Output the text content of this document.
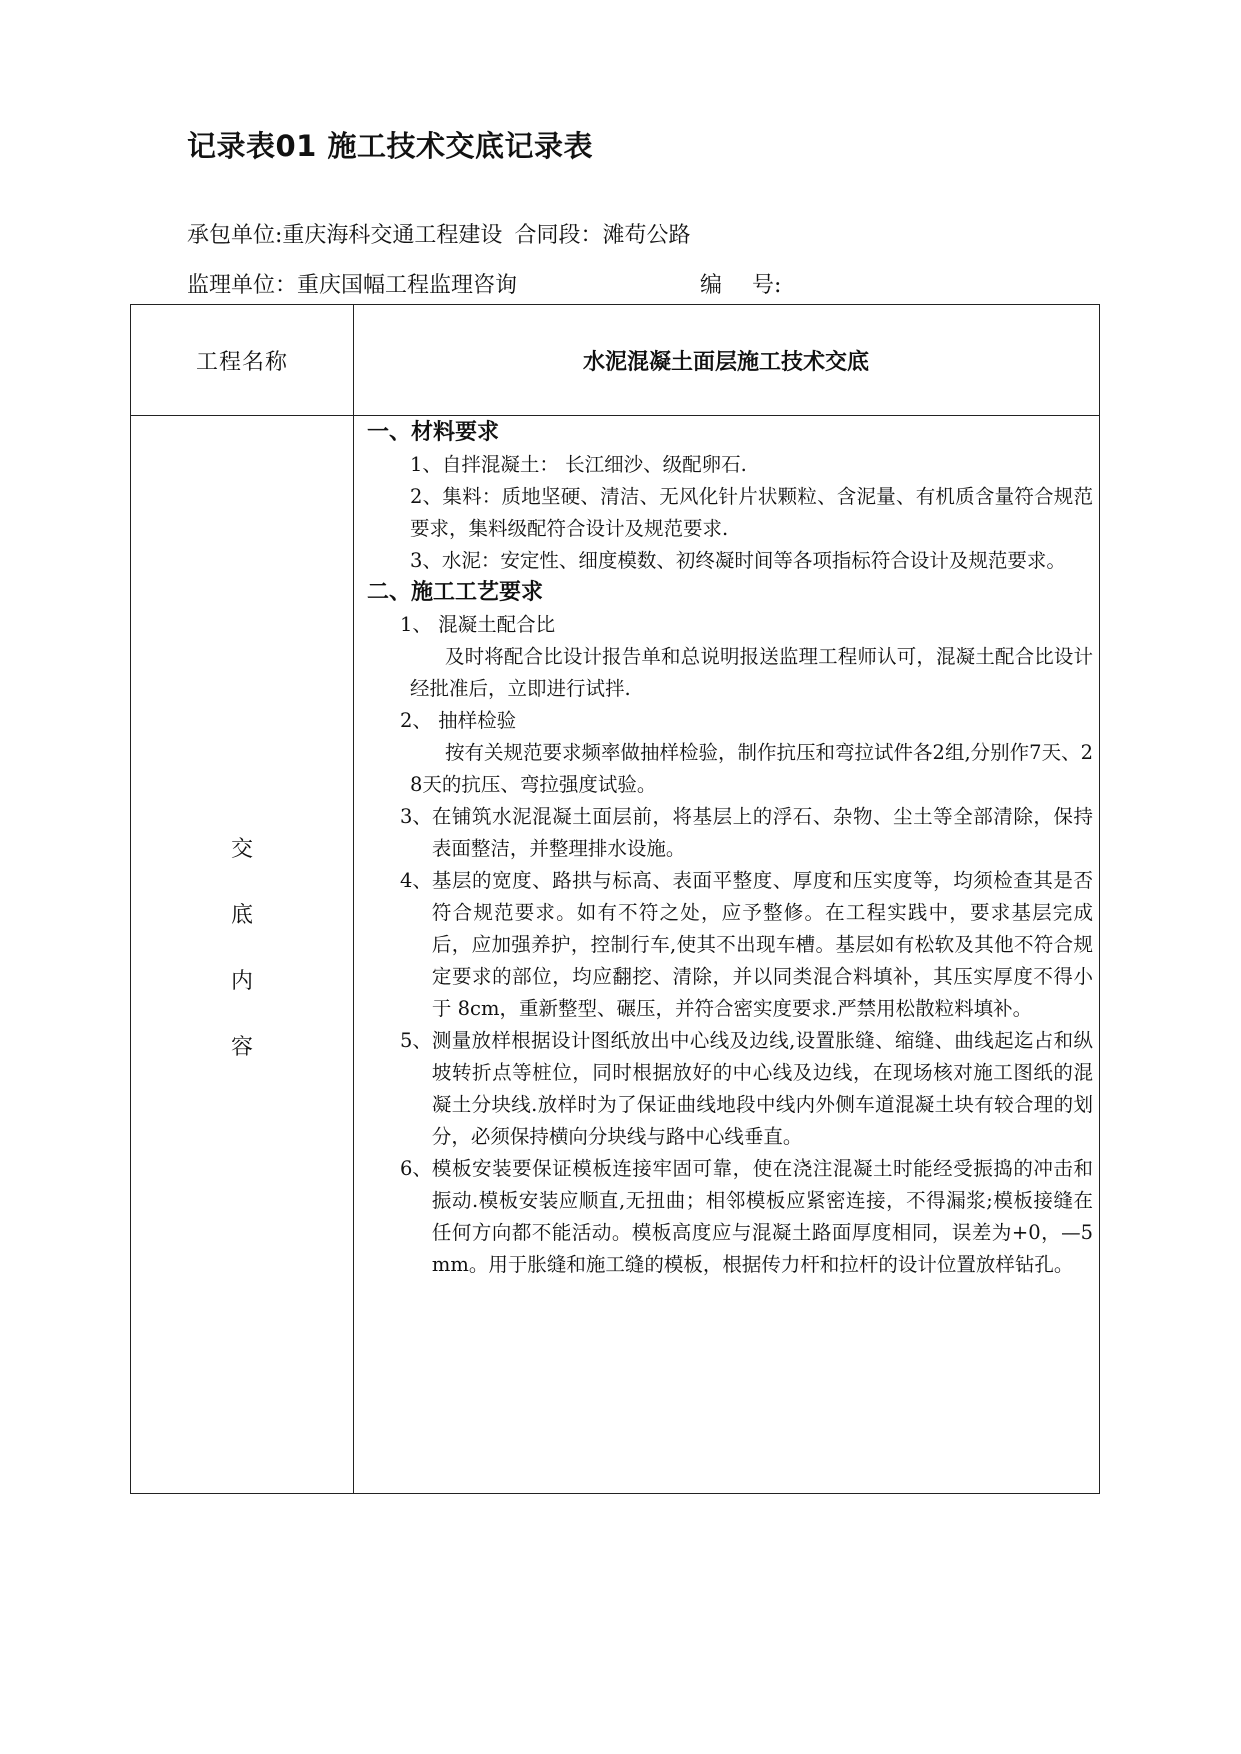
记录表01 施工技术交底记录表
承包单位:重庆海科交通工程建设 合同段：滩苟公路
监理单位：重庆国幅工程监理咨询	编 号:
工程名称	水泥混凝土面层施工技术交底
交
底
内
容
一、材料要求
1、自拌混凝土： 长江细沙、级配卵石.
2、集料：质地坚硬、清洁、无风化针片状颗粒、含泥量、有机质含量符合规范要求，集料级配符合设计及规范要求.
3、水泥：安定性、细度模数、初终凝时间等各项指标符合设计及规范要求。
二、施工工艺要求
1、 混凝土配合比
及时将配合比设计报告单和总说明报送监理工程师认可，混凝土配合比设计经批准后，立即进行试拌.
2、 抽样检验
按有关规范要求频率做抽样检验，制作抗压和弯拉试件各2组,分别作7天、28天的抗压、弯拉强度试验。
3、 在铺筑水泥混凝土面层前，将基层上的浮石、杂物、尘土等全部清除，保持表面整洁，并整理排水设施。
4、 基层的宽度、路拱与标高、表面平整度、厚度和压实度等，均须检查其是否符合规范要求。如有不符之处，应予整修。在工程实践中，要求基层完成后，应加强养护，控制行车,使其不出现车槽。基层如有松软及其他不符合规定要求的部位，均应翻挖、清除，并以同类混合料填补，其压实厚度不得小于 8cm，重新整型、碾压，并符合密实度要求.严禁用松散粒料填补。
5、 测量放样根据设计图纸放出中心线及边线,设置胀缝、缩缝、曲线起迄占和纵坡转折点等桩位，同时根据放好的中心线及边线，在现场核对施工图纸的混凝土分块线.放样时为了保证曲线地段中线内外侧车道混凝土块有较合理的划分，必须保持横向分块线与路中心线垂直。
6、 模板安装要保证模板连接牢固可靠，使在浇注混凝土时能经受振捣的冲击和振动.模板安装应顺直,无扭曲；相邻模板应紧密连接，不得漏浆;模板接缝在任何方向都不能活动。模板高度应与混凝土路面厚度相同，误差为+0，—5mm。用于胀缝和施工缝的模板，根据传力杆和拉杆的设计位置放样钻孔。
